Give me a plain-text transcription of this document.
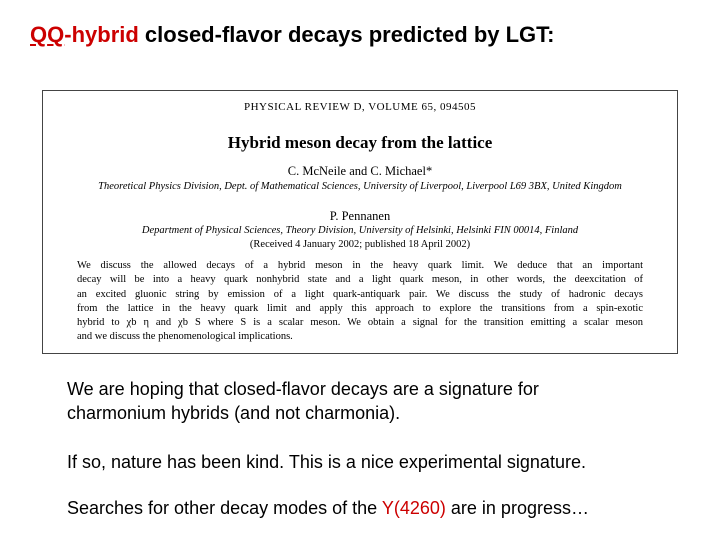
QQ-hybrid closed-flavor decays predicted by LGT:
PHYSICAL REVIEW D, VOLUME 65, 094505
Hybrid meson decay from the lattice
C. McNeile and C. Michael*
Theoretical Physics Division, Dept. of Mathematical Sciences, University of Liverpool, Liverpool L69 3BX, United Kingdom
P. Pennanen
Department of Physical Sciences, Theory Division, University of Helsinki, Helsinki FIN 00014, Finland
(Received 4 January 2002; published 18 April 2002)
We discuss the allowed decays of a hybrid meson in the heavy quark limit. We deduce that an important
decay will be into a heavy quark nonhybrid state and a light quark meson, in other words, the deexcitation of
an excited gluonic string by emission of a light quark-antiquark pair. We discuss the study of hadronic decays
from the lattice in the heavy quark limit and apply this approach to explore the transitions from a spin-exotic
hybrid to χb η and χb S where S is a scalar meson. We obtain a signal for the transition emitting a scalar meson
and we discuss the phenomenological implications.
We are hoping that closed-flavor decays are a signature for
charmonium hybrids (and not charmonia).
If so, nature has been kind. This is a nice experimental signature.
Searches for other decay modes of the Y(4260) are in progress…
